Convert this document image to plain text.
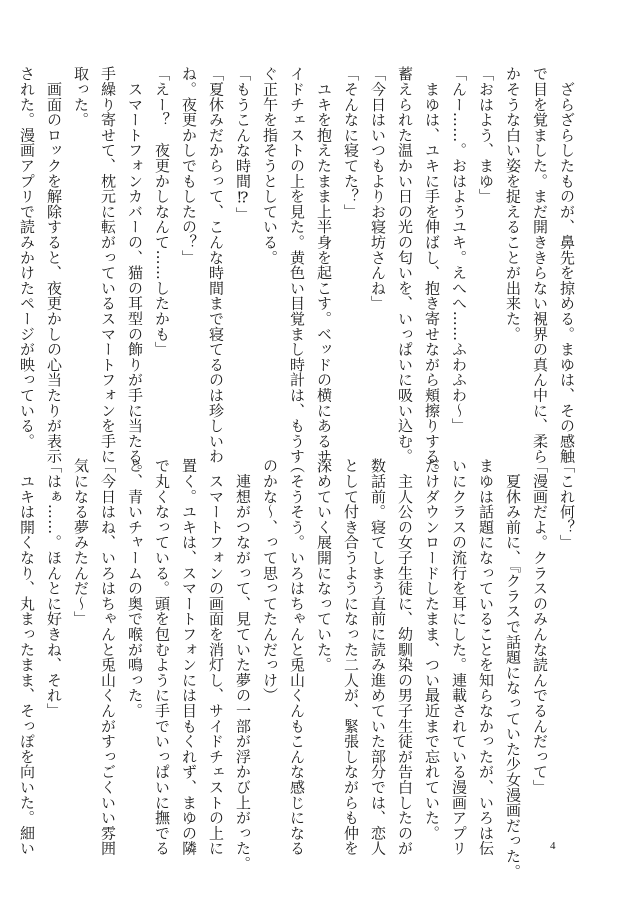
　ざらざらしたものが、鼻先を掠める。まゆは、その感触
で目を覚ました。まだ開ききらない視界の真ん中に、柔ら
かそうな白い姿を捉えることが出来た。
「おはよう、まゆ」
「んー……。おはようユキ。えへへ……ふわふわ～」
　まゆは、ユキに手を伸ばし、抱き寄せながら頬擦りする。
蓄えられた温かい日の光の匂いを、いっぱいに吸い込む。
「今日はいつもよりお寝坊さんね」
「そんなに寝てた？」
　ユキを抱えたまま上半身を起こす。ベッドの横にあるサ
イドチェストの上を見た。黄色い目覚まし時計は、もうす
ぐ正午を指そうとしている。
「もうこんな時間⁉」
「夏休みだからって、こんな時間まで寝てるのは珍しいわ
ね。夜更かしでもしたの？」
「えー？　夜更かしなんて……したかも」
　スマートフォンカバーの、猫の耳型の飾りが手に当たる。
手繰り寄せて、枕元に転がっているスマートフォンを手に
取った。
　画面のロックを解除すると、夜更かしの心当たりが表示
された。漫画アプリで読みかけたページが映っている。
「これ何？」
「漫画だよ。クラスのみんな読んでるんだって」
　夏休み前に、『クラスで話題になっていた少女漫画だった。
まゆは話題になっていることを知らなかったが、いろは伝
いにクラスの流行を耳にした。連載されている漫画アプリ
だけダウンロードしたまま、つい最近まで忘れていた。
　主人公の女子生徒に、幼馴染の男子生徒が告白したのが
数話前。寝てしまう直前に読み進めていた部分では、恋人
として付き合うようになった二人が、緊張しながらも仲を
深めていく展開になっていた。
（そうそう。いろはちゃんと兎山くんもこんな感じになる
のかな～、って思ってたんだっけ）
　連想がつながって、見ていた夢の一部が浮かび上がった。
　スマートフォンの画面を消灯し、サイドチェストの上に
置く。ユキは、スマートフォンには目もくれず、まゆの隣
で丸くなっている。頭を包むように手でいっぱいに撫でる
と、青いチャームの奥で喉が鳴った。
「今日はね、いろはちゃんと兎山くんがすっごくいい雰囲
気になる夢みたんだ～」
「はぁ……。ほんとに好きね、それ」
　ユキは開くなり、丸まったまま、そっぽを向いた。細い	4
